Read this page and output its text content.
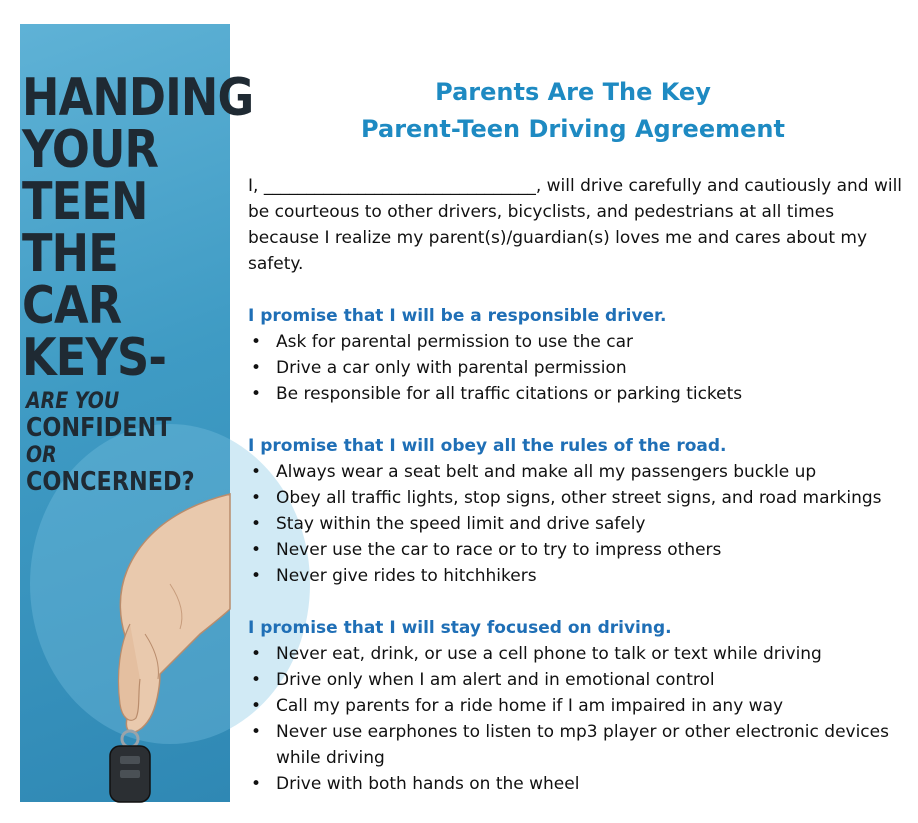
HANDING
YOUR
TEEN
THE CAR
KEYS-
ARE YOU
CONFIDENT
OR CONCERNED?
Parents Are The Key
Parent-Teen Driving Agreement

I, ________________________________, will drive carefully and cautiously and will be courteous to other drivers, bicyclists, and pedestrians at all times because I realize my parent(s)/guardian(s) loves me and cares about my safety.

I promise that I will be a responsible driver.

• Ask for parental permission to use the car
• Drive a car only with parental permission
• Be responsible for all traffic citations or parking tickets

I promise that I will obey all the rules of the road.

• Always wear a seat belt and make all my passengers buckle up
• Obey all traffic lights, stop signs, other street signs, and road markings
• Stay within the speed limit and drive safely
• Never use the car to race or to try to impress others
• Never give rides to hitchhikers

I promise that I will stay focused on driving.

• Never eat, drink, or use a cell phone to talk or text while driving
• Drive only when I am alert and in emotional control
• Call my parents for a ride home if I am impaired in any way
• Never use earphones to listen to mp3 player or other electronic devices while driving
• Drive with both hands on the wheel
